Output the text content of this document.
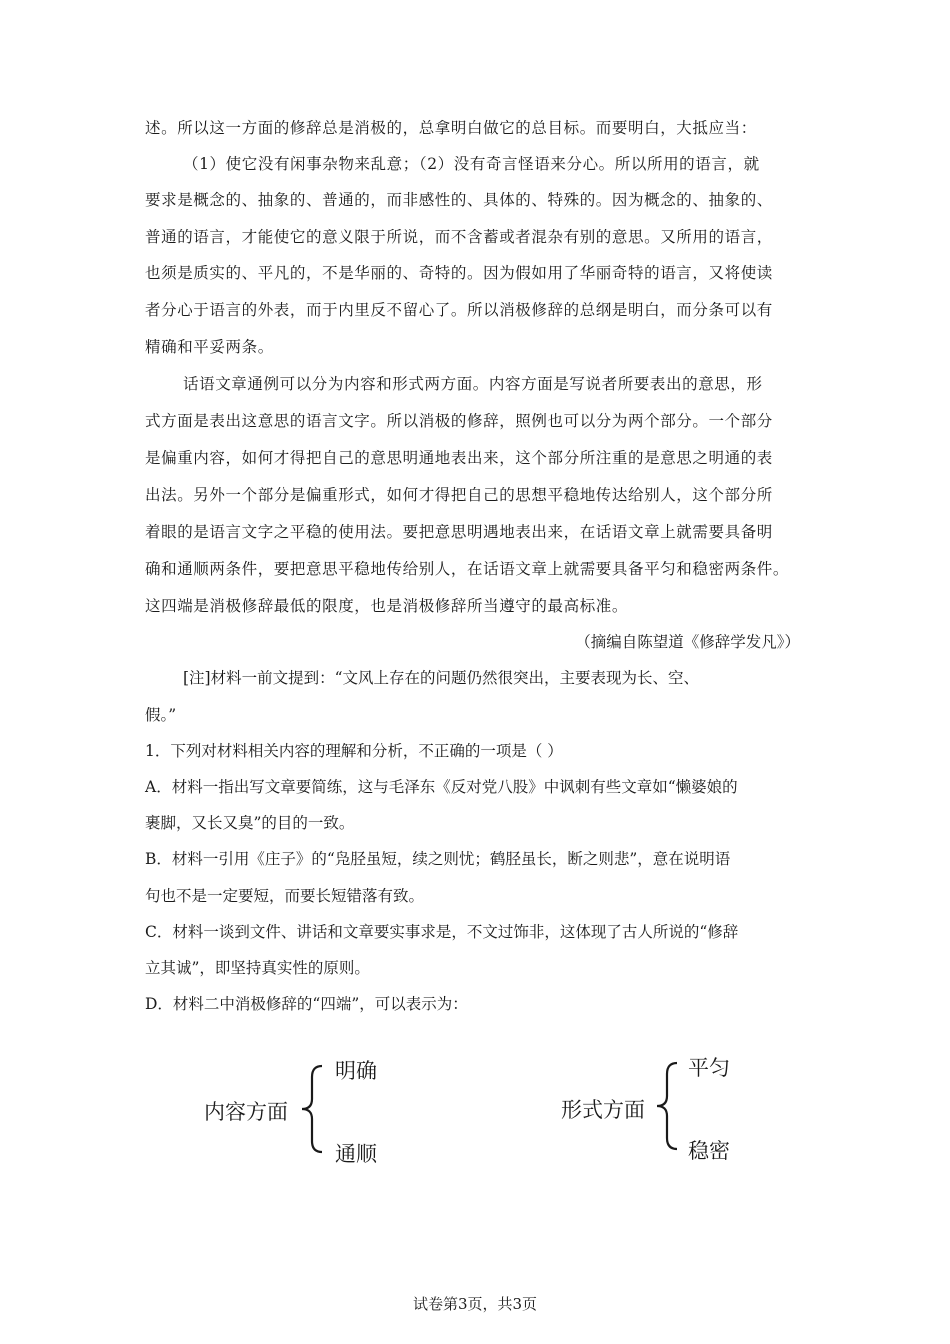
述。所以这一方面的修辞总是消极的，总拿明白做它的总目标。而要明白，大抵应当：
（1）使它没有闲事杂物来乱意；（2）没有奇言怪语来分心。所以所用的语言，就
要求是概念的、抽象的、普通的，而非感性的、具体的、特殊的。因为概念的、抽象的、
普通的语言，才能使它的意义限于所说，而不含蓄或者混杂有别的意思。又所用的语言，
也须是质实的、平凡的，不是华丽的、奇特的。因为假如用了华丽奇特的语言，又将使读
者分心于语言的外表，而于内里反不留心了。所以消极修辞的总纲是明白，而分条可以有
精确和平妥两条。
话语文章通例可以分为内容和形式两方面。内容方面是写说者所要表出的意思，形
式方面是表出这意思的语言文字。所以消极的修辞，照例也可以分为两个部分。一个部分
是偏重内容，如何才得把自己的意思明通地表出来，这个部分所注重的是意思之明通的表
出法。另外一个部分是偏重形式，如何才得把自己的思想平稳地传达给别人，这个部分所
着眼的是语言文字之平稳的使用法。要把意思明遇地表出来，在话语文章上就需要具备明
确和通顺两条件，要把意思平稳地传给别人，在话语文章上就需要具备平匀和稳密两条件。
这四端是消极修辞最低的限度，也是消极修辞所当遵守的最高标准。
（摘编自陈望道《修辞学发凡》）
[注]材料一前文提到：“文风上存在的问题仍然很突出，主要表现为长、空、
假。”
1．下列对材料相关内容的理解和分析，不正确的一项是（ ）
A．材料一指出写文章要简练，这与毛泽东《反对党八股》中讽刺有些文章如“懒婆娘的
裹脚，又长又臭”的目的一致。
B．材料一引用《庄子》的“凫胫虽短，续之则忧；鹤胫虽长，断之则悲”，意在说明语
句也不是一定要短，而要长短错落有致。
C．材料一谈到文件、讲话和文章要实事求是，不文过饰非，这体现了古人所说的“修辞
立其诚”，即坚持真实性的原则。
D．材料二中消极修辞的“四端”，可以表示为：
内容方面
明确
通顺
形式方面
平匀
稳密
试卷第3页，共3页
